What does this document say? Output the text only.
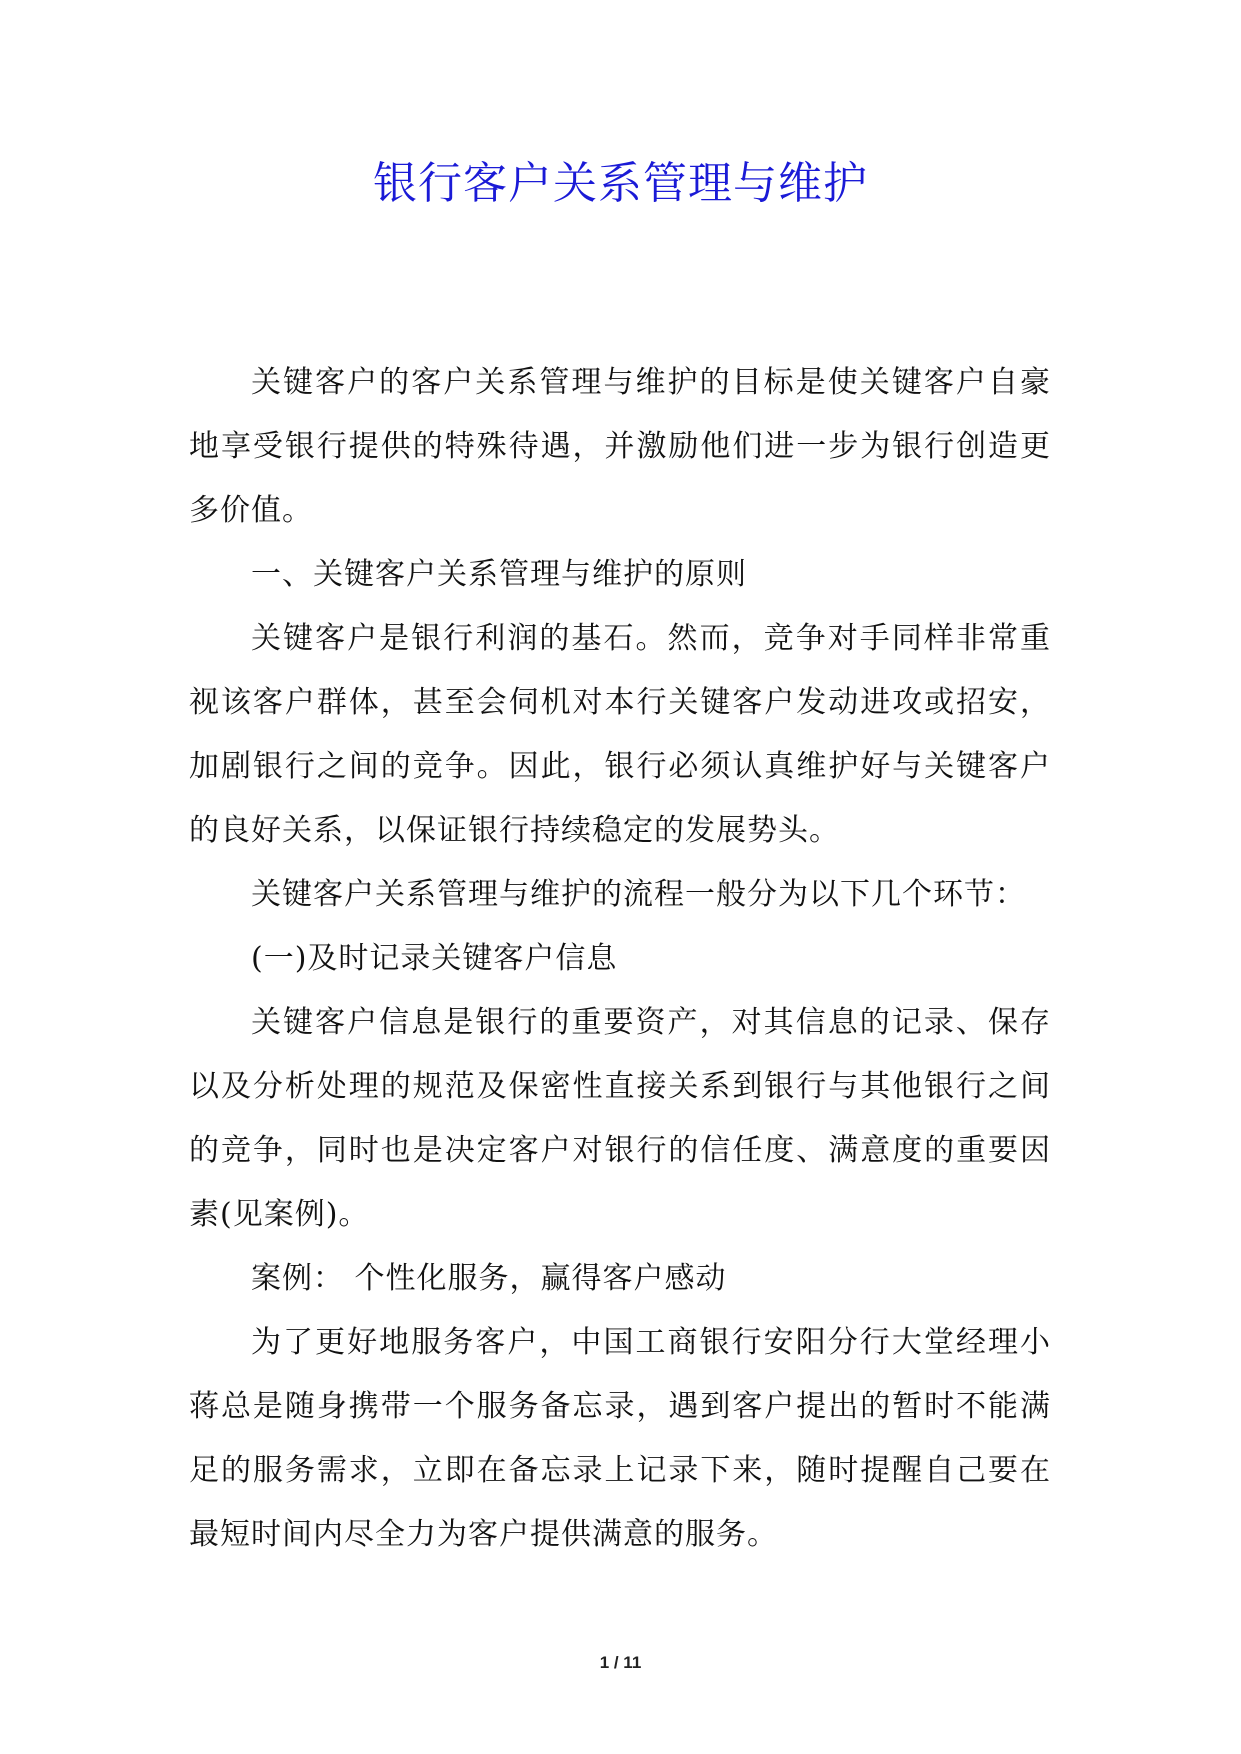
银行客户关系管理与维护

关键客户的客户关系管理与维护的目标是使关键客户自豪地享受银行提供的特殊待遇，并激励他们进一步为银行创造更多价值。

一、关键客户关系管理与维护的原则

关键客户是银行利润的基石。然而，竞争对手同样非常重视该客户群体，甚至会伺机对本行关键客户发动进攻或招安，加剧银行之间的竞争。因此，银行必须认真维护好与关键客户的良好关系，以保证银行持续稳定的发展势头。

关键客户关系管理与维护的流程一般分为以下几个环节：

(一)及时记录关键客户信息

关键客户信息是银行的重要资产，对其信息的记录、保存以及分析处理的规范及保密性直接关系到银行与其他银行之间的竞争，同时也是决定客户对银行的信任度、满意度的重要因素(见案例)。

案例： 个性化服务，赢得客户感动

为了更好地服务客户，中国工商银行安阳分行大堂经理小蒋总是随身携带一个服务备忘录，遇到客户提出的暂时不能满足的服务需求，立即在备忘录上记录下来，随时提醒自己要在最短时间内尽全力为客户提供满意的服务。

1 / 11
